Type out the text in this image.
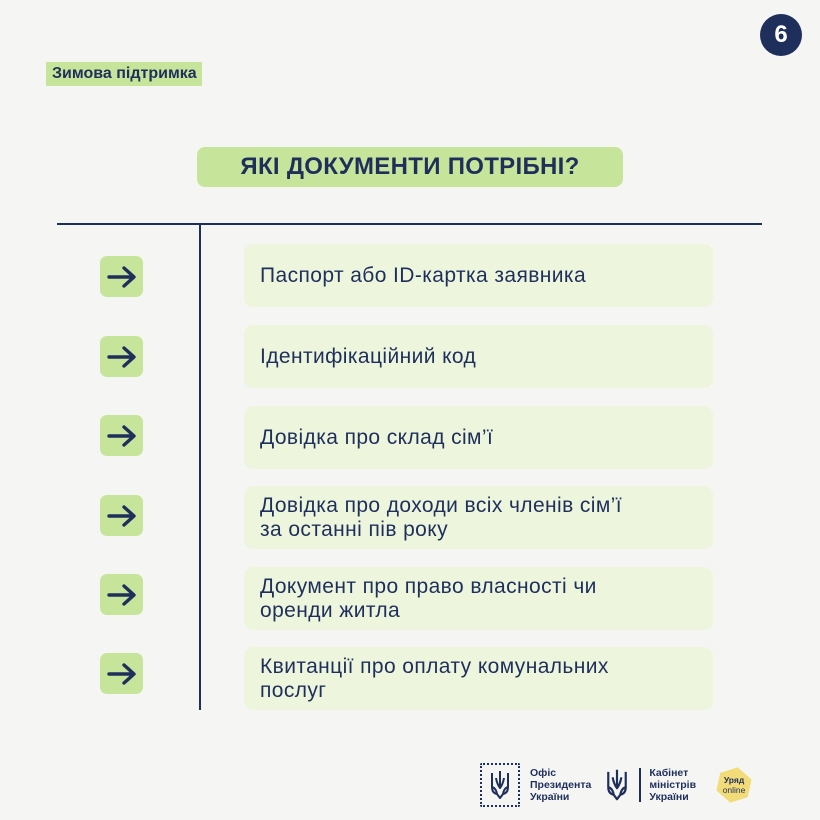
Зимова підтримка
6
ЯКІ ДОКУМЕНТИ ПОТРІБНІ?
Паспорт або ID-картка заявника
Ідентифікаційний код
Довідка про склад сім’ї
Довідка про доходи всіх членів сім’ї
за останні пів року
Документ про право власності чи
оренди житла
Квитанції про оплату комунальних
послуг
Офіс
Президента
України
Кабінет
міністрів
України
Уряд
online
